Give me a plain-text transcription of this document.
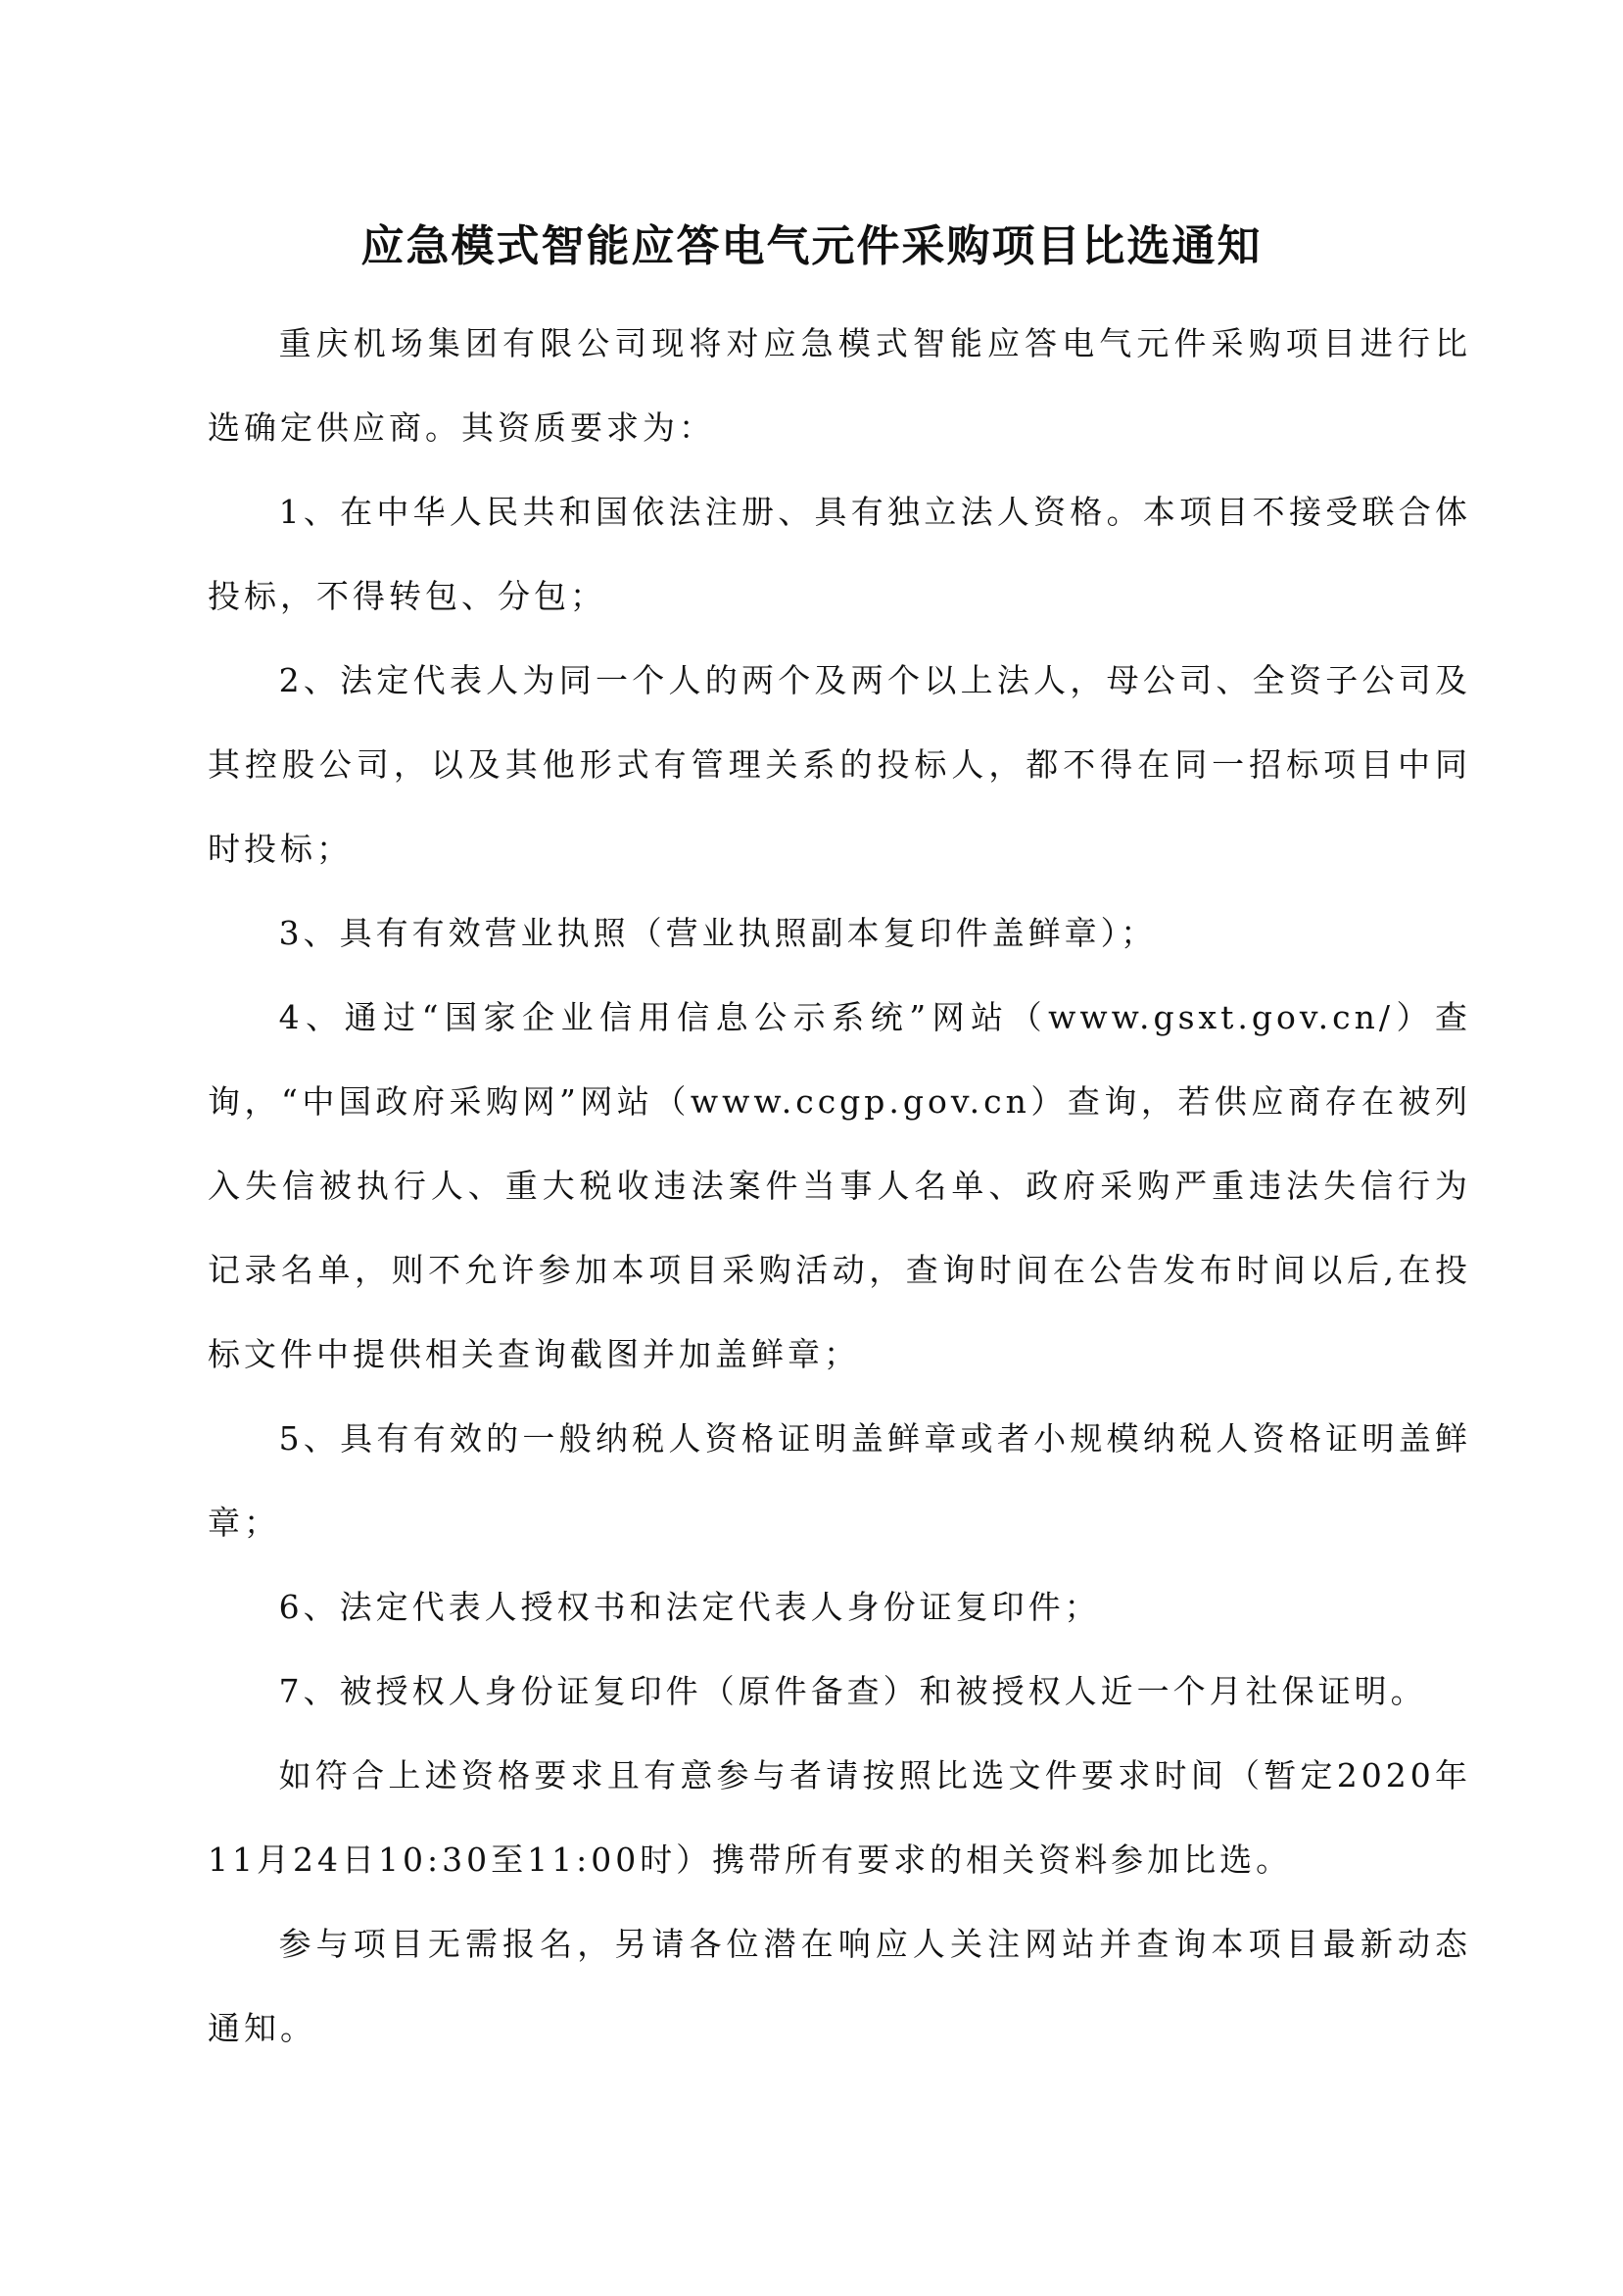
应急模式智能应答电气元件采购项目比选通知

重庆机场集团有限公司现将对应急模式智能应答电气元件采购项目进行比选确定供应商。其资质要求为：

1、在中华人民共和国依法注册、具有独立法人资格。本项目不接受联合体投标，不得转包、分包；

2、法定代表人为同一个人的两个及两个以上法人，母公司、全资子公司及其控股公司，以及其他形式有管理关系的投标人，都不得在同一招标项目中同时投标；

3、具有有效营业执照（营业执照副本复印件盖鲜章）；

4、通过“国家企业信用信息公示系统”网站（www.gsxt.gov.cn/）查询，“中国政府采购网”网站（www.ccgp.gov.cn）查询，若供应商存在被列入失信被执行人、重大税收违法案件当事人名单、政府采购严重违法失信行为记录名单，则不允许参加本项目采购活动，查询时间在公告发布时间以后,在投标文件中提供相关查询截图并加盖鲜章；

5、具有有效的一般纳税人资格证明盖鲜章或者小规模纳税人资格证明盖鲜章；

6、法定代表人授权书和法定代表人身份证复印件；

7、被授权人身份证复印件（原件备查）和被授权人近一个月社保证明。

如符合上述资格要求且有意参与者请按照比选文件要求时间（暂定2020年11月24日10:30至11:00时）携带所有要求的相关资料参加比选。

参与项目无需报名，另请各位潜在响应人关注网站并查询本项目最新动态通知。
